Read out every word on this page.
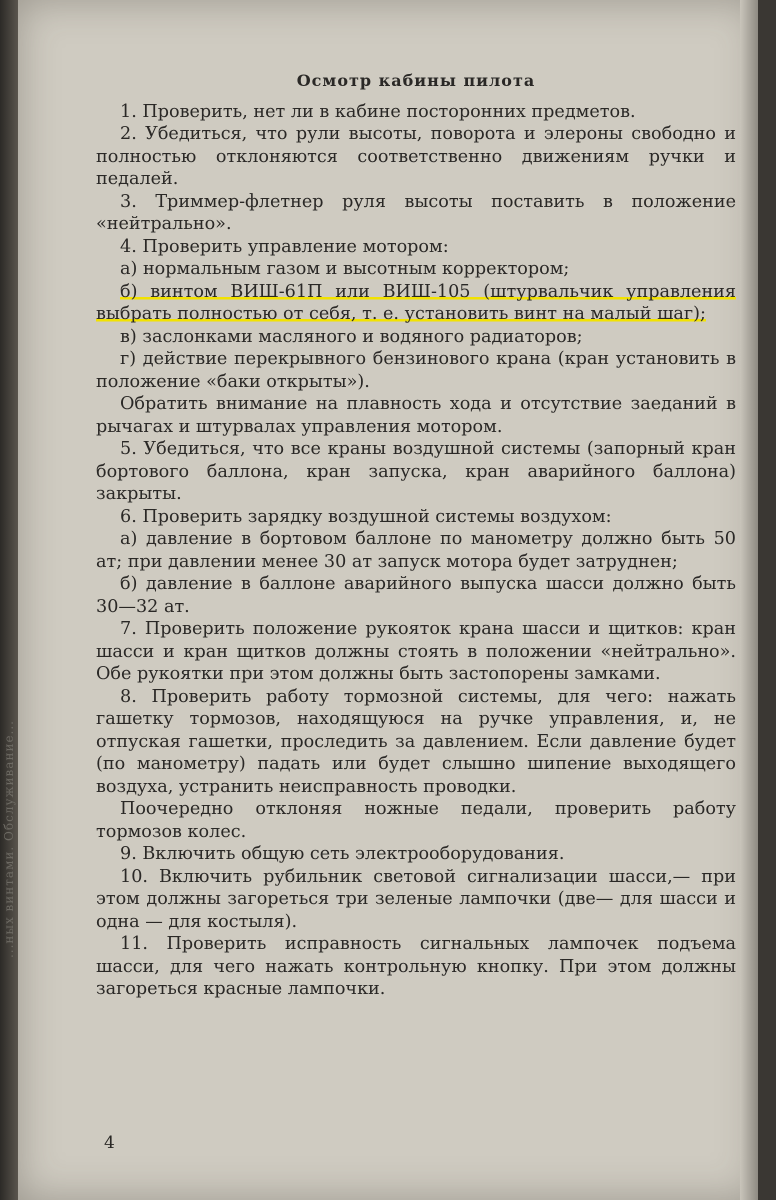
...ных винтами. Обслуживание...
Осмотр кабины пилота

1. Проверить, нет ли в кабине посторонних предметов.

2. Убедиться, что рули высоты, поворота и элероны свободно и полностью отклоняются соответственно движениям ручки и педалей.

3. Триммер-флетнер руля высоты поставить в положение «нейтрально».

4. Проверить управление мотором:

а) нормальным газом и высотным корректором;

б) винтом ВИШ-61П или ВИШ-105 (штурвальчик управления выбрать полностью от себя, т. е. установить винт на малый шаг);

в) заслонками масляного и водяного радиаторов;

г) действие перекрывного бензинового крана (кран установить в положение «баки открыты»).

Обратить внимание на плавность хода и отсутствие заеданий в рычагах и штурвалах управления мотором.

5. Убедиться, что все краны воздушной системы (запорный кран бортового баллона, кран запуска, кран аварийного баллона) закрыты.

6. Проверить зарядку воздушной системы воздухом:

а) давление в бортовом баллоне по манометру должно быть 50 ат; при давлении менее 30 ат запуск мотора будет затруднен;

б) давление в баллоне аварийного выпуска шасси должно быть 30—32 ат.

7. Проверить положение рукояток крана шасси и щитков: кран шасси и кран щитков должны стоять в положении «нейтрально». Обе рукоятки при этом должны быть застопорены замками.

8. Проверить работу тормозной системы, для чего: нажать гашетку тормозов, находящуюся на ручке управления, и, не отпуская гашетки, проследить за давлением. Если давление будет (по манометру) падать или будет слышно шипение выходящего воздуха, устранить неисправность проводки.

Поочередно отклоняя ножные педали, проверить работу тормозов колес.

9. Включить общую сеть электрооборудования.

10. Включить рубильник световой сигнализации шасси,— при этом должны загореться три зеленые лампочки (две— для шасси и одна — для костыля).

11. Проверить исправность сигнальных лампочек подъема шасси, для чего нажать контрольную кнопку. При этом должны загореться красные лампочки.

4
